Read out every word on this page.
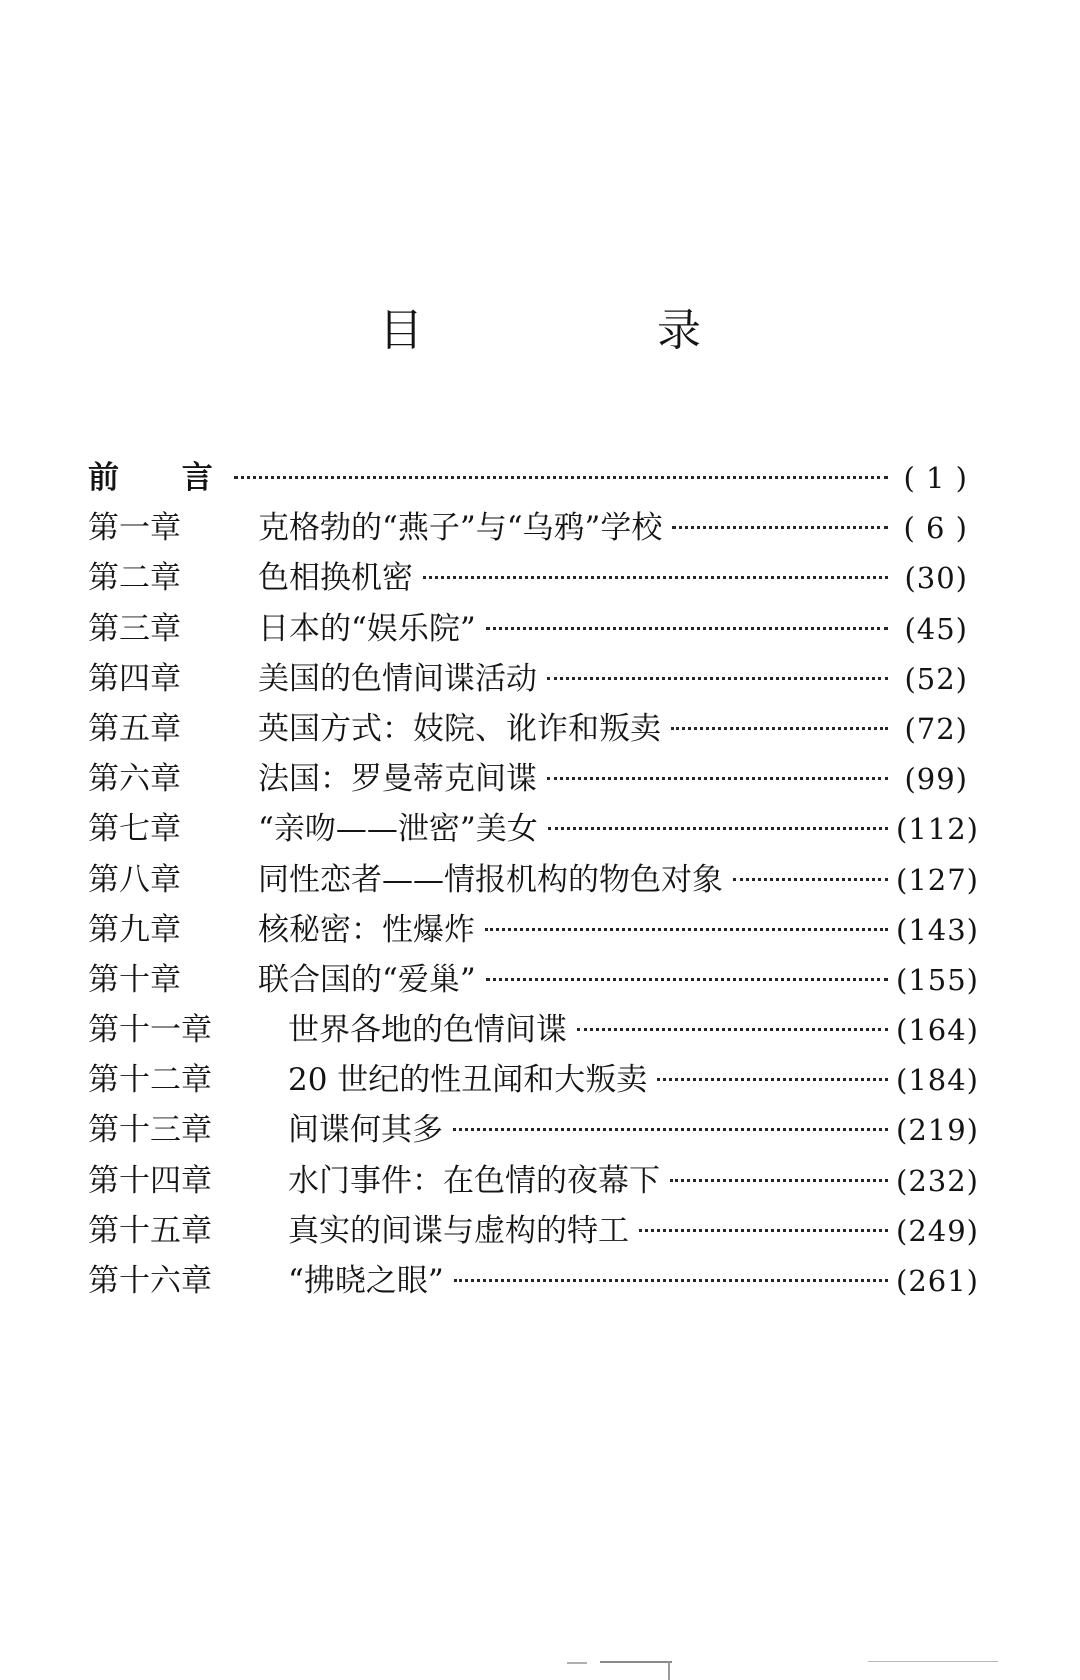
目 录
前 言	( 1 )
第一章	克格勃的“燕子”与“乌鸦”学校	( 6 )
第二章	色相换机密	(30)
第三章	日本的“娱乐院”	(45)
第四章	美国的色情间谍活动	(52)
第五章	英国方式：妓院、讹诈和叛卖	(72)
第六章	法国：罗曼蒂克间谍	(99)
第七章	“亲吻——泄密”美女	(112)
第八章	同性恋者——情报机构的物色对象	(127)
第九章	核秘密：性爆炸	(143)
第十章	联合国的“爱巢”	(155)
第十一章	世界各地的色情间谍	(164)
第十二章	20 世纪的性丑闻和大叛卖	(184)
第十三章	间谍何其多	(219)
第十四章	水门事件：在色情的夜幕下	(232)
第十五章	真实的间谍与虚构的特工	(249)
第十六章	“拂晓之眼”	(261)
